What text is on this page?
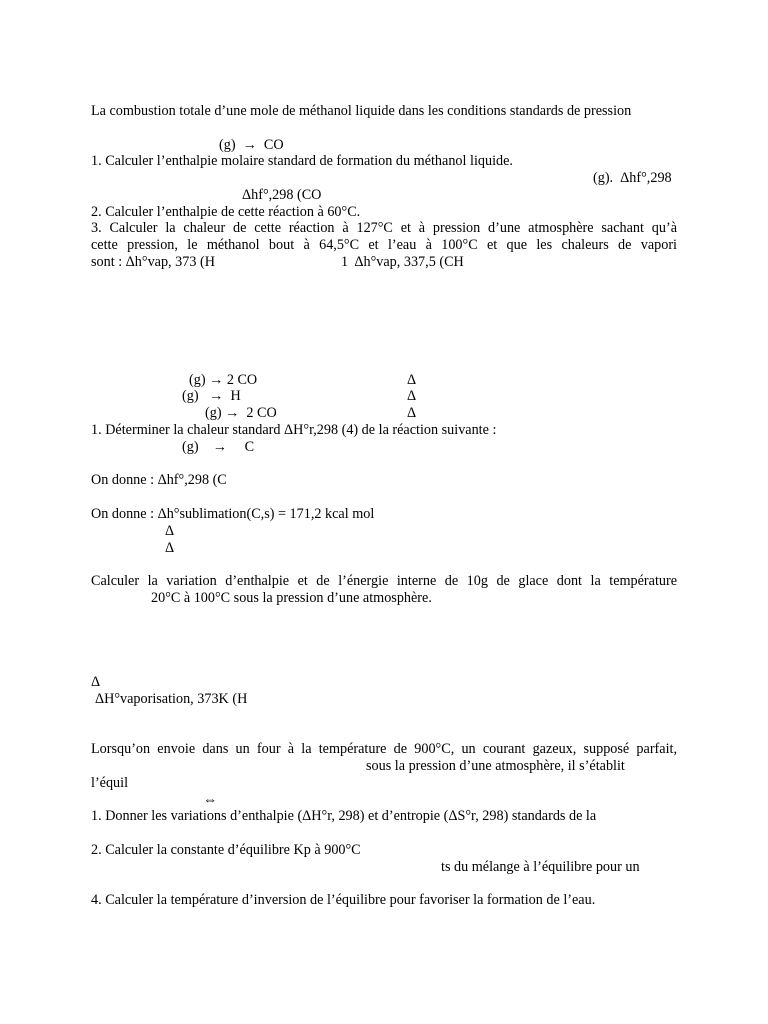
La combustion totale d’une mole de méthanol liquide dans les conditions standards de pression
(g)  →  CO
1. Calculer l’enthalpie molaire standard de formation du méthanol liquide.
(g).  Δhf°,298
Δhf°,298 (CO
2. Calculer l’enthalpie de cette réaction à 60°C.
3. Calculer la chaleur de cette réaction à 127°C et à pression d’une atmosphère sachant qu’à
cette pression, le méthanol bout à 64,5°C et l’eau à 100°C et que les chaleurs de vapori
sont : Δh°vap, 373 (H	1  Δh°vap, 337,5 (CH
(g) → 2 CO	Δ
(g)   →  H	Δ
(g) →  2 CO	Δ
1. Déterminer la chaleur standard ΔH°r,298 (4) de la réaction suivante :
(g)    →     C
On donne : Δhf°,298 (C
On donne : Δh°sublimation(C,s) = 171,2 kcal mol
Δ
Δ
Calculer la variation d’enthalpie et de l’énergie interne de 10g de glace dont la température
20°C à 100°C sous la pression d’une atmosphère.
Δ
ΔH°vaporisation, 373K (H
Lorsqu’on envoie dans un four à la température de 900°C, un courant gazeux, supposé parfait,
sous la pression d’une atmosphère, il s’établit
l’équil
⇔
1. Donner les variations d’enthalpie (ΔH°r, 298) et d’entropie (ΔS°r, 298) standards de la
2. Calculer la constante d’équilibre Kp à 900°C
ts du mélange à l’équilibre pour un
4. Calculer la température d’inversion de l’équilibre pour favoriser la formation de l’eau.
